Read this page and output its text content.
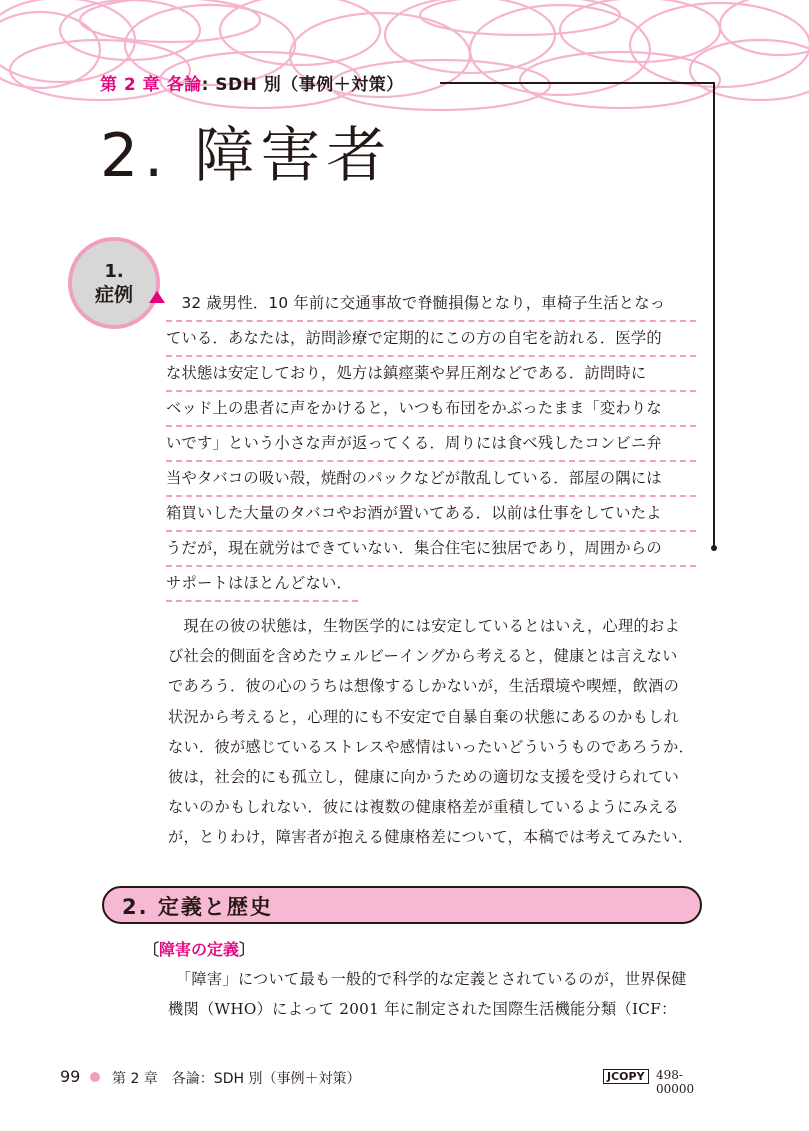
第 2 章 各論: SDH 別（事例＋対策）
2. 障害者
1.
症例	　32 歳男性．10 年前に交通事故で脊髄損傷となり，車椅子生活となっ
ている．あなたは，訪問診療で定期的にこの方の自宅を訪れる．医学的
な状態は安定しており，処方は鎮痙薬や昇圧剤などである．訪問時に
ベッド上の患者に声をかけると，いつも布団をかぶったまま「変わりな
いです」という小さな声が返ってくる．周りには食べ残したコンビニ弁
当やタバコの吸い殻，焼酎のパックなどが散乱している．部屋の隅には
箱買いした大量のタバコやお酒が置いてある．以前は仕事をしていたよ
うだが，現在就労はできていない．集合住宅に独居であり，周囲からの
サポートはほとんどない．
　現在の彼の状態は，生物医学的には安定しているとはいえ，心理的およ
び社会的側面を含めたウェルビーイングから考えると，健康とは言えない
であろう．彼の心のうちは想像するしかないが，生活環境や喫煙，飲酒の
状況から考えると，心理的にも不安定で自暴自棄の状態にあるのかもしれ
ない．彼が感じているストレスや感情はいったいどういうものであろうか．
彼は，社会的にも孤立し，健康に向かうための適切な支援を受けられてい
ないのかもしれない．彼には複数の健康格差が重積しているようにみえる
が，とりわけ，障害者が抱える健康格差について，本稿では考えてみたい．
2. 定義と歴史
〔障害の定義〕
　「障害」について最も一般的で科学的な定義とされているのが，世界保健
機関（WHO）によって 2001 年に制定された国際生活機能分類（ICF：
99 第 2 章　各論：SDH 別（事例＋対策）	JCOPY 498-00000
